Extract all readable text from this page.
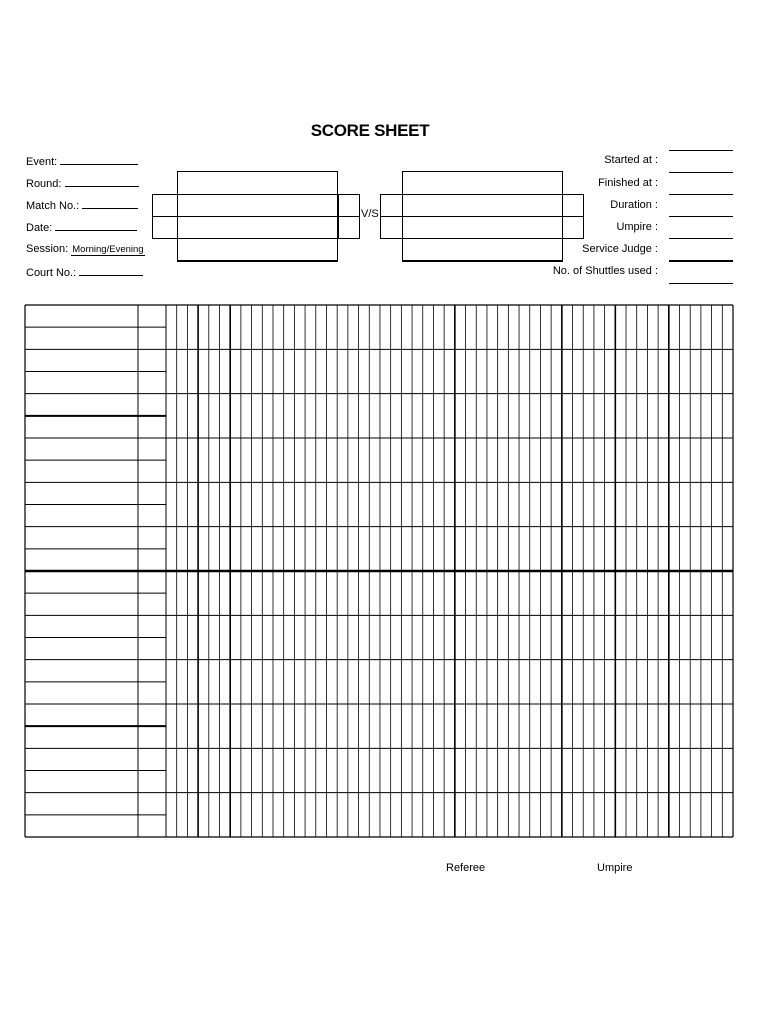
SCORE SHEET
Event:
Round:
Match No.:
Date:
Session: Morning/Evening
Court No.:
V/S
Started at :
Finished at :
Duration :
Umpire :
Service Judge :
No. of Shuttles used :
Referee	Umpire
